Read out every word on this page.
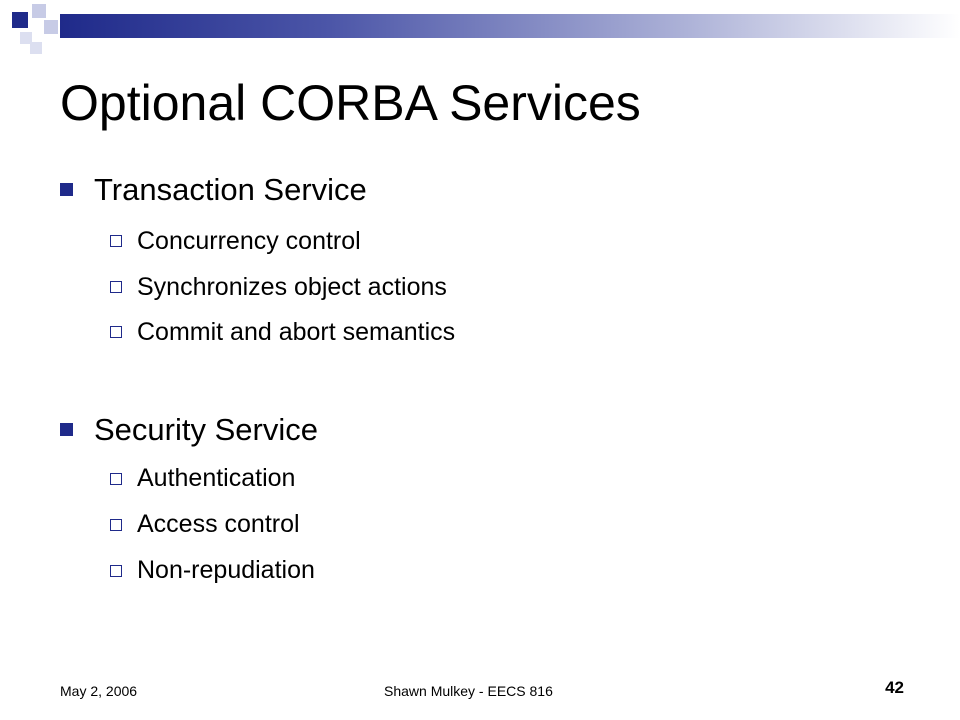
Optional CORBA Services
Transaction Service
Concurrency control
Synchronizes object actions
Commit and abort semantics
Security Service
Authentication
Access control
Non-repudiation
May 2, 2006	Shawn Mulkey - EECS 816	42
